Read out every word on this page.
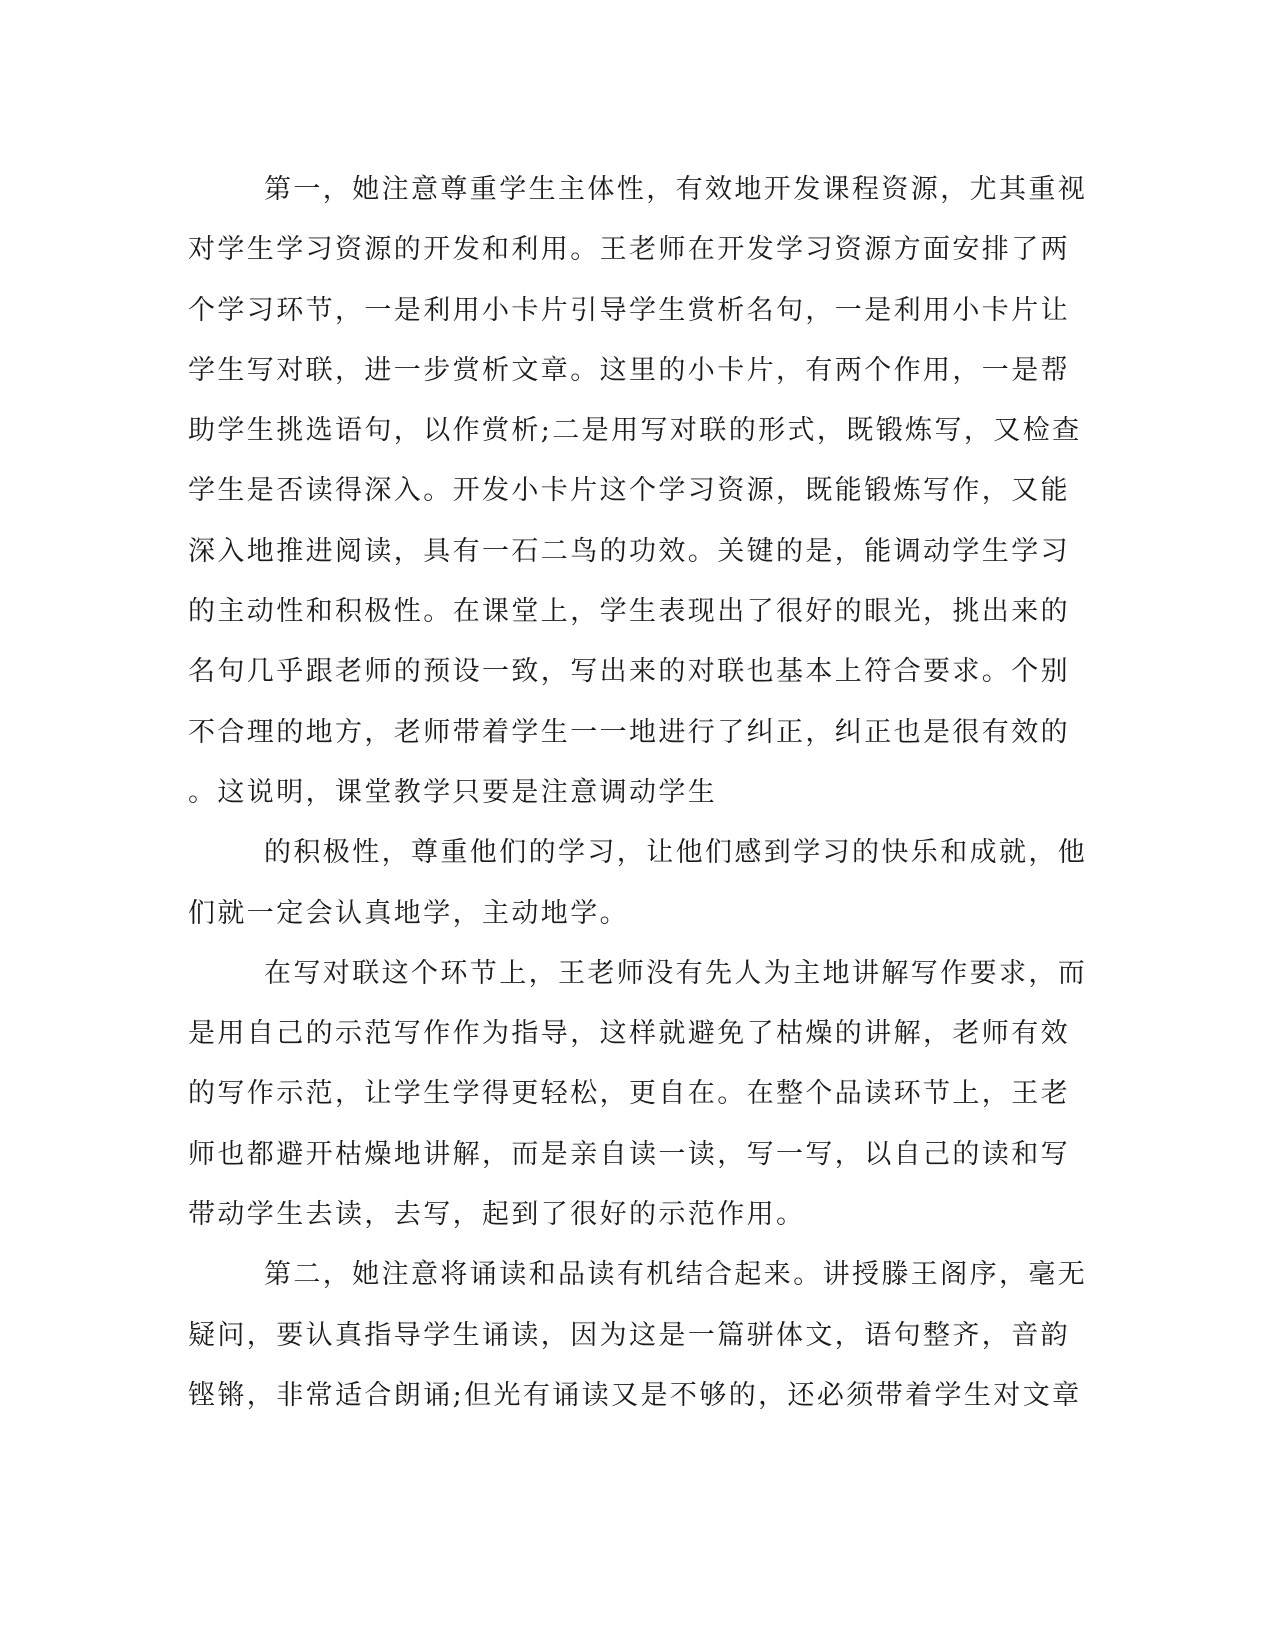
第一，她注意尊重学生主体性，有效地开发课程资源，尤其重视
对学生学习资源的开发和利用。王老师在开发学习资源方面安排了两
个学习环节，一是利用小卡片引导学生赏析名句，一是利用小卡片让
学生写对联，进一步赏析文章。这里的小卡片，有两个作用，一是帮
助学生挑选语句，以作赏析;二是用写对联的形式，既锻炼写，又检查
学生是否读得深入。开发小卡片这个学习资源，既能锻炼写作，又能
深入地推进阅读，具有一石二鸟的功效。关键的是，能调动学生学习
的主动性和积极性。在课堂上，学生表现出了很好的眼光，挑出来的
名句几乎跟老师的预设一致，写出来的对联也基本上符合要求。个别
不合理的地方，老师带着学生一一地进行了纠正，纠正也是很有效的
。这说明，课堂教学只要是注意调动学生
的积极性，尊重他们的学习，让他们感到学习的快乐和成就，他
们就一定会认真地学，主动地学。
在写对联这个环节上，王老师没有先人为主地讲解写作要求，而
是用自己的示范写作作为指导，这样就避免了枯燥的讲解，老师有效
的写作示范，让学生学得更轻松，更自在。在整个品读环节上，王老
师也都避开枯燥地讲解，而是亲自读一读，写一写，以自己的读和写
带动学生去读，去写，起到了很好的示范作用。
第二，她注意将诵读和品读有机结合起来。讲授滕王阁序，毫无
疑问，要认真指导学生诵读，因为这是一篇骈体文，语句整齐，音韵
铿锵，非常适合朗诵;但光有诵读又是不够的，还必须带着学生对文章
